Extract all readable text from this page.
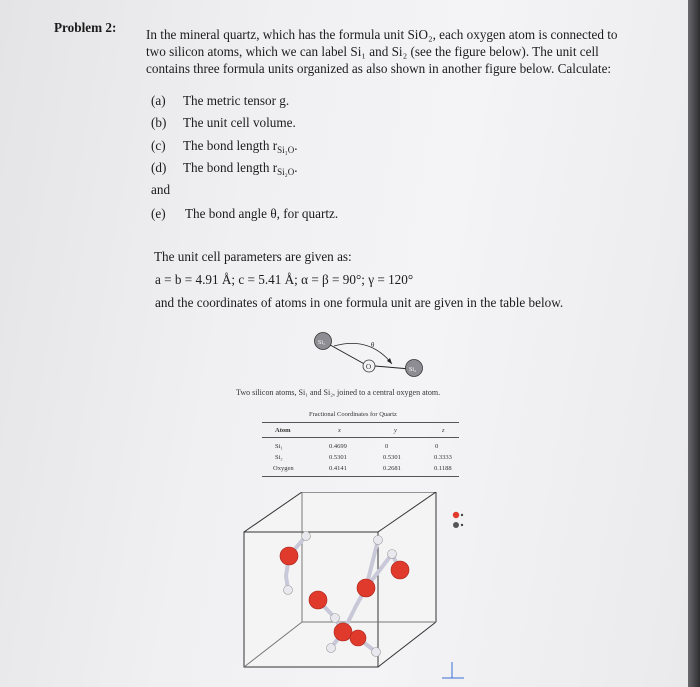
Problem 2: In the mineral quartz, which has the formula unit SiO₂, each oxygen atom is connected to
two silicon atoms, which we can label Si₁ and Si₂ (see the figure below). The unit cell
contains three formula units organized as also shown in another figure below. Calculate:
(a) The metric tensor g.
(b) The unit cell volume.
(c) The bond length $r_{Si_1O}$.
(d) The bond length $r_{Si_2O}$.
and
(e) The bond angle θ, for quartz.
The unit cell parameters are given as:
a = b = 4.91 Å; c = 5.41 Å; α = β = 90°; γ = 120°
and the coordinates of atoms in one formula unit are given in the table below.
Si₁
O	Si₂
θ
Two silicon atoms, Si₁ and Si₂, joined to a central oxygen atom.
Fractional Coordinates for Quartz
Atom	x	y	z
Si₁	0.4699	0	0
Si₂	0.5301	0.5301	0.3333
Oxygen	0.4141	0.2681	0.1188
